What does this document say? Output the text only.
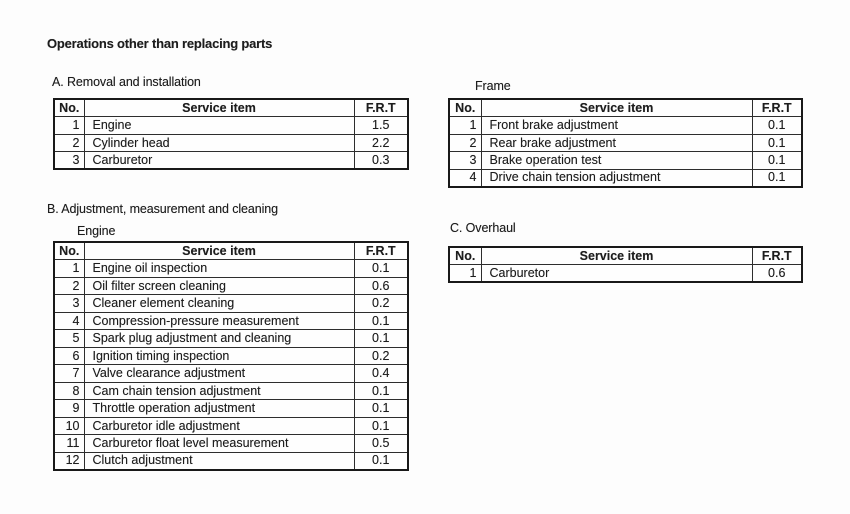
Operations other than replacing parts
A. Removal and installation
No.	Service item	F.R.T
1	Engine	1.5
2	Cylinder head	2.2
3	Carburetor	0.3
Frame
No.	Service item	F.R.T
1	Front brake adjustment	0.1
2	Rear brake adjustment	0.1
3	Brake operation test	0.1
4	Drive chain tension adjustment	0.1
B. Adjustment, measurement and cleaning
Engine
No.	Service item	F.R.T
1	Engine oil inspection	0.1
2	Oil filter screen cleaning	0.6
3	Cleaner element cleaning	0.2
4	Compression-pressure measurement	0.1
5	Spark plug adjustment and cleaning	0.1
6	Ignition timing inspection	0.2
7	Valve clearance adjustment	0.4
8	Cam chain tension adjustment	0.1
9	Throttle operation adjustment	0.1
10	Carburetor idle adjustment	0.1
11	Carburetor float level measurement	0.5
12	Clutch adjustment	0.1
C. Overhaul
No.	Service item	F.R.T
1	Carburetor	0.6
